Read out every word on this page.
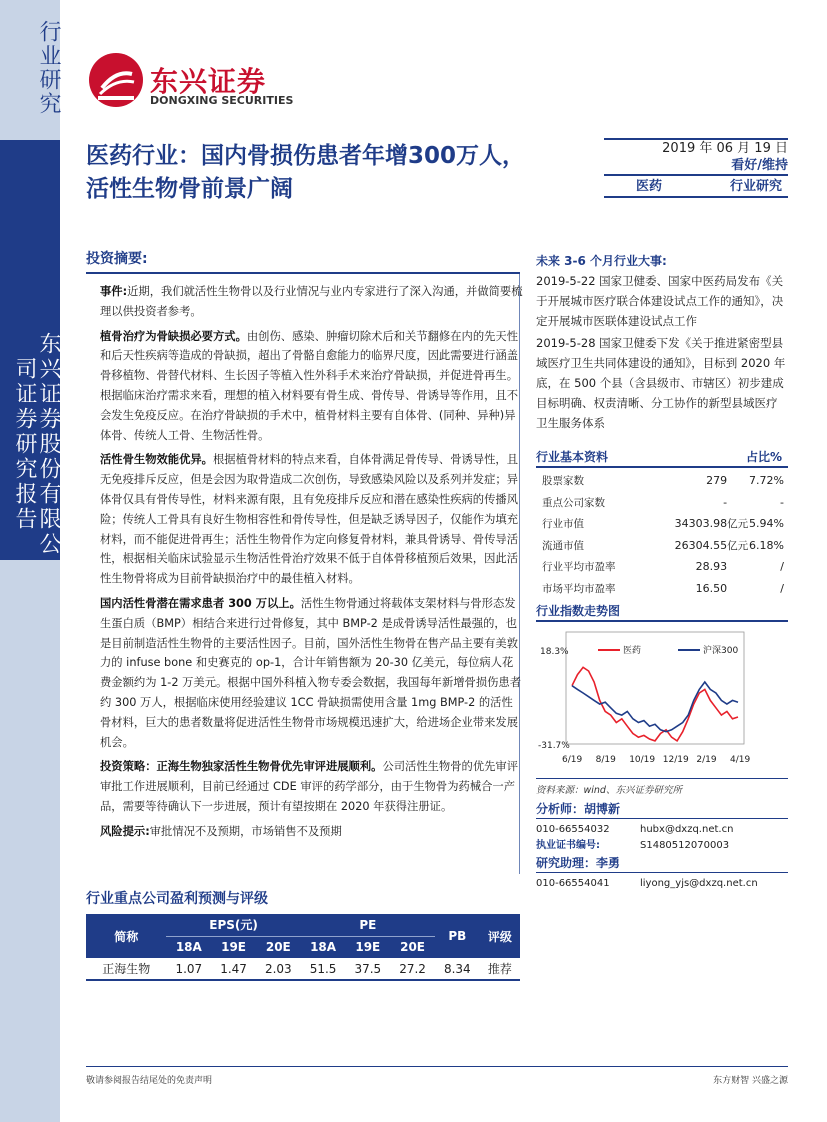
行业研究
东兴证券股份有限公司证券研究报告
东兴证券
DONGXING SECURITIES
医药行业：国内骨损伤患者年增300万人，活性生物骨前景广阔
2019 年 06 月 19 日
看好/维持
医药	行业研究
投资摘要:

事件:近期，我们就活性生物骨以及行业情况与业内专家进行了深入沟通，并做简要梳理以供投资者参考。

植骨治疗为骨缺损必要方式。由创伤、感染、肿瘤切除术后和关节翻修在内的先天性和后天性疾病等造成的骨缺损，超出了骨骼自愈能力的临界尺度，因此需要进行涵盖骨移植物、骨替代材料、生长因子等植入性外科手术来治疗骨缺损，并促进骨再生。根据临床治疗需求来看，理想的植入材料要有骨生成、骨传导、骨诱导等作用，且不会发生免疫反应。在治疗骨缺损的手术中，植骨材料主要有自体骨、(同种、异种)异体骨、传统人工骨、生物活性骨。

活性骨生物效能优异。根据植骨材料的特点来看，自体骨满足骨传导、骨诱导性，且无免疫排斥反应，但是会因为取骨造成二次创伤，导致感染风险以及系列并发症；异体骨仅具有骨传导性，材料来源有限，且有免疫排斥反应和潜在感染性疾病的传播风险；传统人工骨具有良好生物相容性和骨传导性，但是缺乏诱导因子，仅能作为填充材料，而不能促进骨再生；活性生物骨作为定向修复骨材料，兼具骨诱导、骨传导活性，根据相关临床试验显示生物活性骨治疗效果不低于自体骨移植预后效果，因此活性生物骨将成为目前骨缺损治疗中的最佳植入材料。

国内活性骨潜在需求患者 300 万以上。活性生物骨通过将载体支架材料与骨形态发生蛋白质（BMP）相结合来进行过骨修复，其中 BMP-2 是成骨诱导活性最强的，也是目前制造活性生物骨的主要活性因子。目前，国外活性生物骨在售产品主要有美敦力的 infuse bone 和史赛克的 op-1，合计年销售额为 20-30 亿美元，每位病人花费金额约为 1-2 万美元。根据中国外科植入物专委会数据，我国每年新增骨损伤患者约 300 万人，根据临床使用经验建议 1CC 骨缺损需使用含量 1mg BMP-2 的活性骨材料，巨大的患者数量将促进活性生物骨市场规模迅速扩大，给进场企业带来发展机会。

投资策略：正海生物独家活性生物骨优先审评进展顺利。公司活性生物骨的优先审评审批工作进展顺利，目前已经通过 CDE 审评的药学部分，由于生物骨为药械合一产品，需要等待确认下一步进展，预计有望按期在 2020 年获得注册证。

风险提示:审批情况不及预期，市场销售不及预期

行业重点公司盈利预测与评级
简称	EPS(元)			PE			PB	评级
	18A	19E	20E	18A	19E	20E		
正海生物	1.07	1.47	2.03	51.5	37.5	27.2	8.34	推荐
未来 3-6 个月行业大事:
2019-5-22 国家卫健委、国家中医药局发布《关于开展城市医疗联合体建设试点工作的通知》，决定开展城市医联体建设试点工作
2019-5-28 国家卫健委下发《关于推进紧密型县域医疗卫生共同体建设的通知》，目标到 2020 年底，在 500 个县（含县级市、市辖区）初步建成目标明确、权责清晰、分工协作的新型县域医疗卫生服务体系
行业基本资料	占比%
股票家数	279		7.72%
重点公司家数	-		-
行业市值	34303.98	亿元	5.94%
流通市值	26304.55	亿元	6.18%
行业平均市盈率	28.93		/
市场平均市盈率	16.50		/
行业指数走势图
18.3%
-31.7%
6/19 8/19 10/19 12/19 2/19 4/19
医药	沪深300
资料来源：wind、东兴证券研究所
分析师：胡博新
010-66554032	hubx@dxzq.net.cn
执业证书编号:	S1480512070003
研究助理：李勇
010-66554041	liyong_yjs@dxzq.net.cn
敬请参阅报告结尾处的免责声明	东方财智 兴盛之源
